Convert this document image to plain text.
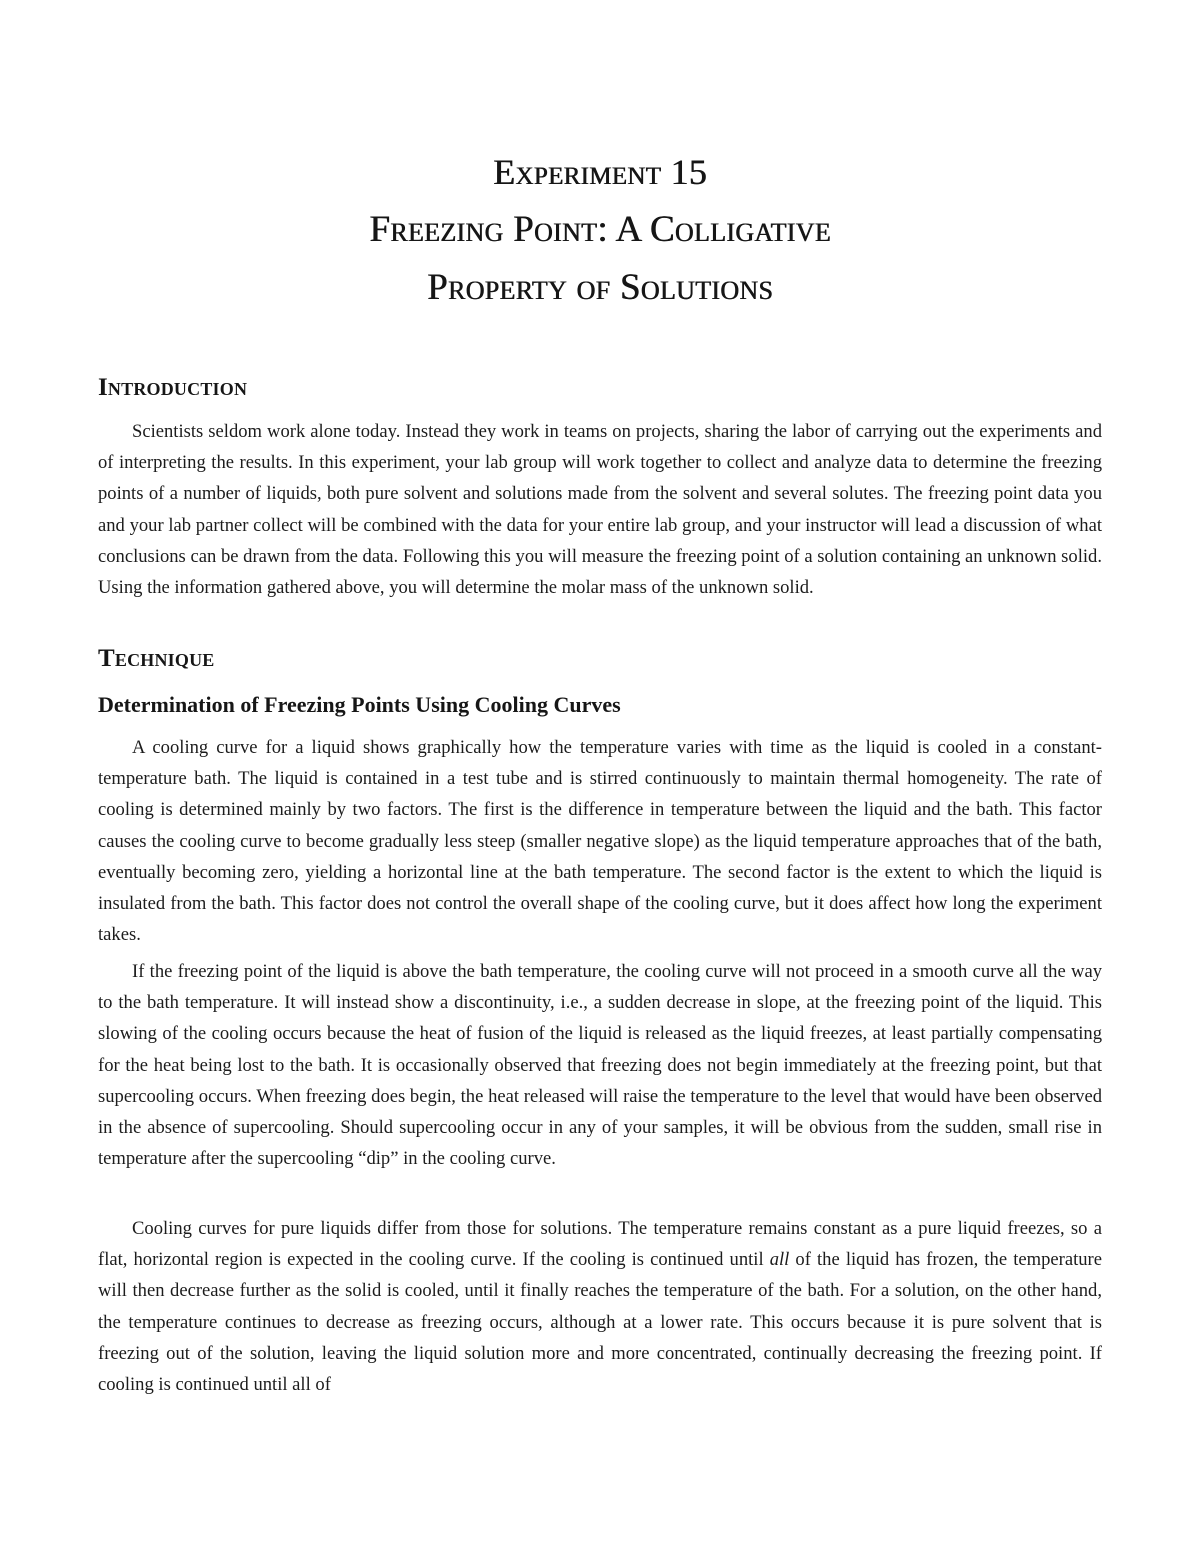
Experiment 15
Freezing Point: A Colligative
Property of Solutions
Introduction

Scientists seldom work alone today. Instead they work in teams on projects, sharing the labor of carrying out the experiments and of interpreting the results. In this experiment, your lab group will work together to collect and analyze data to determine the freezing points of a number of liquids, both pure solvent and solutions made from the solvent and several solutes. The freezing point data you and your lab partner collect will be combined with the data for your entire lab group, and your instructor will lead a discussion of what conclusions can be drawn from the data. Following this you will measure the freezing point of a solution containing an unknown solid. Using the information gathered above, you will determine the molar mass of the unknown solid.

Technique
Determination of Freezing Points Using Cooling Curves

A cooling curve for a liquid shows graphically how the temperature varies with time as the liquid is cooled in a constant-temperature bath. The liquid is contained in a test tube and is stirred continuously to maintain thermal homogeneity. The rate of cooling is determined mainly by two factors. The first is the difference in temperature between the liquid and the bath. This factor causes the cooling curve to become gradually less steep (smaller negative slope) as the liquid temperature approaches that of the bath, eventually becoming zero, yielding a horizontal line at the bath temperature. The second factor is the extent to which the liquid is insulated from the bath. This factor does not control the overall shape of the cooling curve, but it does affect how long the experiment takes.

If the freezing point of the liquid is above the bath temperature, the cooling curve will not proceed in a smooth curve all the way to the bath temperature. It will instead show a discontinuity, i.e., a sudden decrease in slope, at the freezing point of the liquid. This slowing of the cooling occurs because the heat of fusion of the liquid is released as the liquid freezes, at least partially compensating for the heat being lost to the bath. It is occasionally observed that freezing does not begin immediately at the freezing point, but that supercooling occurs. When freezing does begin, the heat released will raise the temperature to the level that would have been observed in the absence of supercooling. Should supercooling occur in any of your samples, it will be obvious from the sudden, small rise in temperature after the supercooling “dip” in the cooling curve.

Cooling curves for pure liquids differ from those for solutions. The temperature remains constant as a pure liquid freezes, so a flat, horizontal region is expected in the cooling curve. If the cooling is continued until all of the liquid has frozen, the temperature will then decrease further as the solid is cooled, until it finally reaches the temperature of the bath. For a solution, on the other hand, the temperature continues to decrease as freezing occurs, although at a lower rate. This occurs because it is pure solvent that is freezing out of the solution, leaving the liquid solution more and more concentrated, continually decreasing the freezing point. If cooling is continued until all of
